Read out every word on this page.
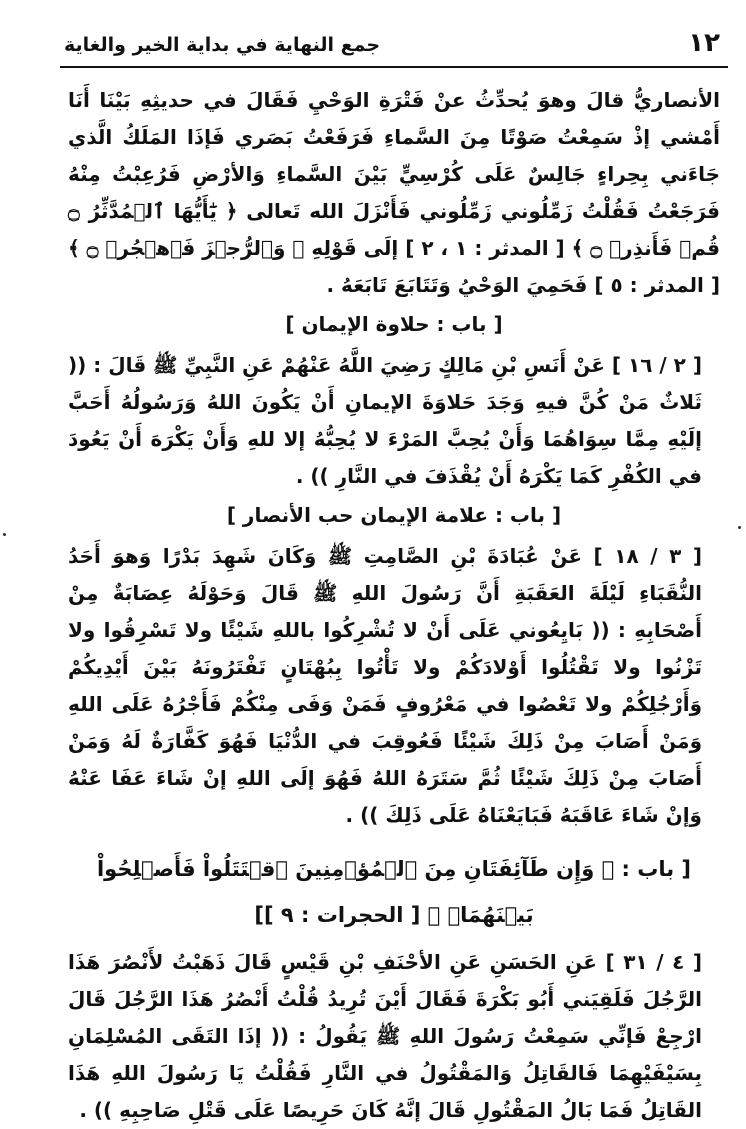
١٢
جمع النهاية في بداية الخير والغاية

الأنصاريُّ قالَ وهوَ يُحدِّثُ عنْ فَتْرَةِ الوَحْيِ فَقَالَ في حديثِهِ بَيْنَا أَنَا أَمْشي إذْ سَمِعْتُ صَوْتًا مِنَ السَّماءِ فَرَفَعْتُ بَصَري فَإذَا المَلَكُ الَّذي جَاءَني بِحِراءٍ جَالِسٌ عَلَى كُرْسِيٍّ بَيْنَ السَّماءِ وَالأرْضِ فَرُعِبْتُ مِنْهُ فَرَجَعْتُ فَقُلْتُ زَمِّلُوني زَمِّلُوني فَأَنْزَلَ الله تَعالى ﴿ يَٰٓأَيُّهَا ٱلۡمُدَّثِّرُ ۝ قُمۡ فَأَنذِرۡ ۝ ﴾ [ المدثر : ١ ، ٢ ] إلَى قَوْلِهِ ﴿ وَٱلرُّجۡزَ فَٱهۡجُرۡ ۝ ﴾ [ المدثر : ٥ ] فَحَمِيَ الوَحْيُ وَتَتَابَعَ تَابَعَهُ .

[ باب : حلاوة الإيمان ]

[ ٢ / ١٦ ] عَنْ أَنَسِ بْنِ مَالِكٍ رَضِيَ اللَّهُ عَنْهُمْ عَنِ النَّبِيِّ ﷺ قَالَ : (( ثَلاثٌ مَنْ كُنَّ فيهِ وَجَدَ حَلاوَةَ الإيمانِ أَنْ يَكُونَ اللهُ وَرَسُولُهُ أَحَبَّ إلَيْهِ مِمَّا سِوَاهُمَا وَأَنْ يُحِبَّ المَرْءَ لا يُحِبُّهُ إلا للهِ وَأَنْ يَكْرَهَ أَنْ يَعُودَ في الكُفْرِ كَمَا يَكْرَهُ أَنْ يُقْذَفَ في النَّارِ )) .

[ باب : علامة الإيمان حب الأنصار ]

[ ٣ / ١٨ ] عَنْ عُبَادَةَ بْنِ الصَّامِتِ ﷺ وَكَانَ شَهِدَ بَدْرًا وَهوَ أَحَدُ النُّقَبَاءِ لَيْلَةَ العَقَبَةِ أَنَّ رَسُولَ اللهِ ﷺ قَالَ وَحَوْلَهُ عِصَابَةٌ مِنْ أَصْحَابِهِ : (( بَايِعُوني عَلَى أَنْ لا تُشْرِكُوا باللهِ شَيْئًا ولا تَسْرِقُوا ولا تَزْنُوا ولا تَقْتُلُوا أَوْلادَكُمْ ولا تَأْتُوا بِبُهْتَانٍ تَفْتَرُونَهُ بَيْنَ أَيْدِيكُمْ وَأَرْجُلِكُمْ ولا تَعْصُوا في مَعْرُوفٍ فَمَنْ وَفَى مِنْكُمْ فَأَجْرُهُ عَلَى اللهِ وَمَنْ أَصَابَ مِنْ ذَلِكَ شَيْئًا فَعُوقِبَ في الدُّنْيَا فَهُوَ كَفَّارَةٌ لَهُ وَمَنْ أَصَابَ مِنْ ذَلِكَ شَيْئًا ثُمَّ سَتَرَهُ اللهُ فَهُوَ إلَى اللهِ إنْ شَاءَ عَفَا عَنْهُ وَإنْ شَاءَ عَاقَبَهُ فَبَايَعْنَاهُ عَلَى ذَلِكَ )) .

[ باب : ﴿ وَإِن طَآئِفَتَانِ مِنَ ٱلۡمُؤۡمِنِينَ ٱقۡتَتَلُواْ فَأَصۡلِحُواْ بَيۡنَهُمَاۖ ﴾ [ الحجرات : ٩ ]]

[ ٤ / ٣١ ] عَنِ الحَسَنِ عَنِ الأحْنَفِ بْنِ قَيْسٍ قَالَ ذَهَبْتُ لأَنْصُرَ هَذَا الرَّجُلَ فَلَقِيَني أَبُو بَكْرَةَ فَقَالَ أَيْنَ تُرِيدُ قُلْتُ أَنْصُرُ هَذَا الرَّجُلَ قَالَ ارْجِعْ فَإنِّي سَمِعْتُ رَسُولَ اللهِ ﷺ يَقُولُ : (( إذَا التَقَى المُسْلِمَانِ بِسَيْفَيْهِمَا فَالقَاتِلُ وَالمَقْتُولُ في النَّارِ فَقُلْتُ يَا رَسُولَ اللهِ هَذَا القَاتِلُ فَمَا بَالُ المَقْتُولِ قَالَ إنَّهُ كَانَ حَرِيصًا عَلَى قَتْلِ صَاحِبِهِ )) .
